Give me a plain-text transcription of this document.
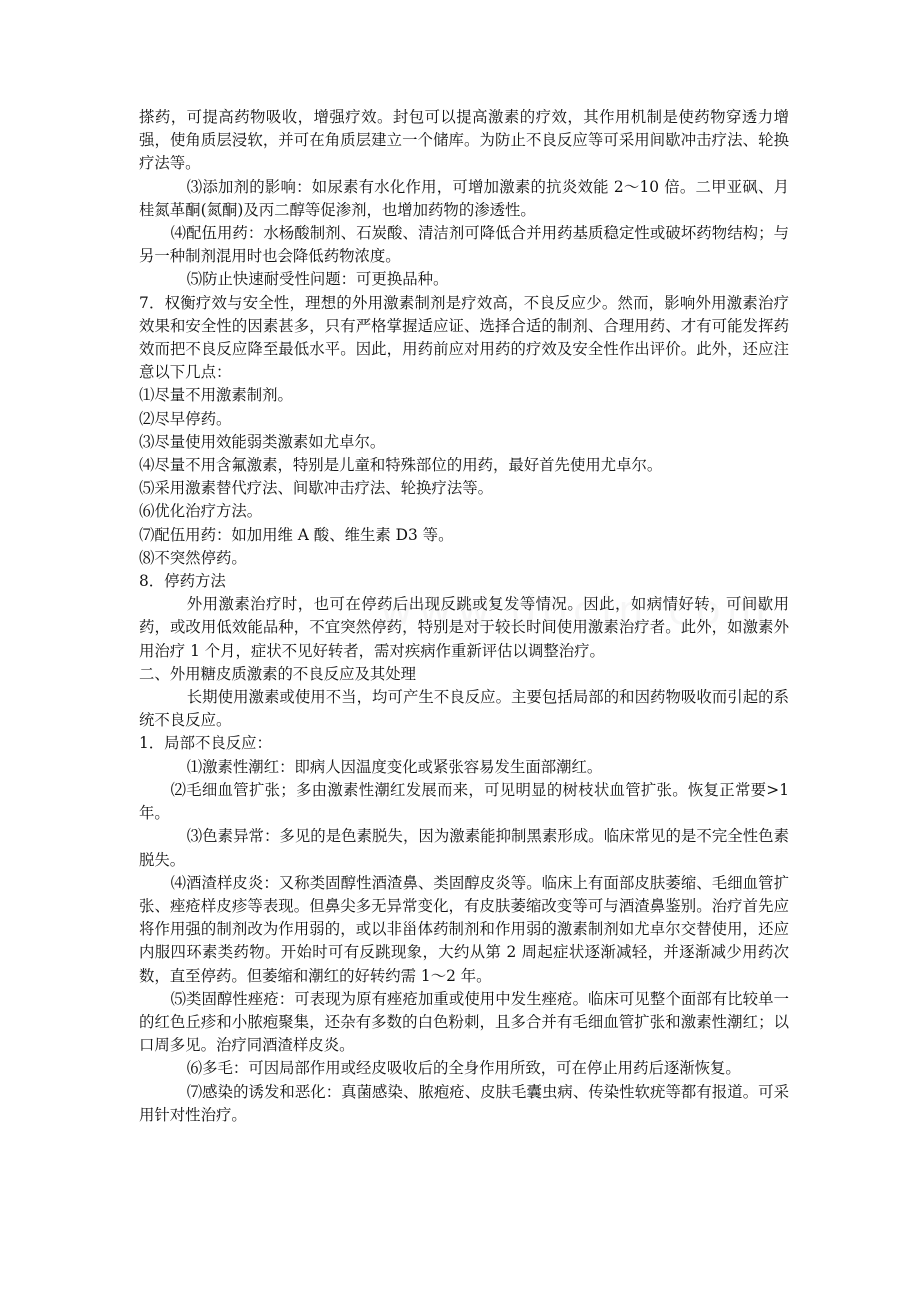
搽药，可提高药物吸收，增强疗效。封包可以提高激素的疗效，其作用机制是使药物穿透力增强，使角质层浸软，并可在角质层建立一个储库。为防止不良反应等可采用间歇冲击疗法、轮换疗法等。

⑶添加剂的影响：如尿素有水化作用，可增加激素的抗炎效能 2～10 倍。二甲亚砜、月桂氮革酮(氮酮)及丙二醇等促渗剂，也增加药物的渗透性。

⑷配伍用药：水杨酸制剂、石炭酸、清洁剂可降低合并用药基质稳定性或破坏药物结构；与另一种制剂混用时也会降低药物浓度。

⑸防止快速耐受性问题：可更换品种。

7．权衡疗效与安全性，理想的外用激素制剂是疗效高，不良反应少。然而，影响外用激素治疗效果和安全性的因素甚多，只有严格掌握适应证、选择合适的制剂、合理用药、才有可能发挥药效而把不良反应降至最低水平。因此，用药前应对用药的疗效及安全性作出评价。此外，还应注意以下几点：

⑴尽量不用激素制剂。

⑵尽早停药。

⑶尽量使用效能弱类激素如尤卓尔。

⑷尽量不用含氟激素，特别是儿童和特殊部位的用药，最好首先使用尤卓尔。

⑸采用激素替代疗法、间歇冲击疗法、轮换疗法等。

⑹优化治疗方法。

⑺配伍用药：如加用维 A 酸、维生素 D3 等。

⑻不突然停药。

8．停药方法

外用激素治疗时，也可在停药后出现反跳或复发等情况。因此，如病情好转，可间歇用药，或改用低效能品种，不宜突然停药，特别是对于较长时间使用激素治疗者。此外，如激素外用治疗 1 个月，症状不见好转者，需对疾病作重新评估以调整治疗。

二、外用糖皮质激素的不良反应及其处理

长期使用激素或使用不当，均可产生不良反应。主要包括局部的和因药物吸收而引起的系统不良反应。

1．局部不良反应：

⑴激素性潮红：即病人因温度变化或紧张容易发生面部潮红。

⑵毛细血管扩张；多由激素性潮红发展而来，可见明显的树枝状血管扩张。恢复正常要>1 年。

⑶色素异常：多见的是色素脱失，因为激素能抑制黑素形成。临床常见的是不完全性色素脱失。

⑷酒渣样皮炎：又称类固醇性酒渣鼻、类固醇皮炎等。临床上有面部皮肤萎缩、毛细血管扩张、痤疮样皮疹等表现。但鼻尖多无异常变化，有皮肤萎缩改变等可与酒渣鼻鉴别。治疗首先应将作用强的制剂改为作用弱的，或以非甾体药制剂和作用弱的激素制剂如尤卓尔交替使用，还应内服四环素类药物。开始时可有反跳现象，大约从第 2 周起症状逐渐减轻，并逐渐减少用药次数，直至停药。但萎缩和潮红的好转约需 1～2 年。

⑸类固醇性痤疮：可表现为原有痤疮加重或使用中发生痤疮。临床可见整个面部有比较单一的红色丘疹和小脓疱聚集，还杂有多数的白色粉刺，且多合并有毛细血管扩张和激素性潮红；以口周多见。治疗同酒渣样皮炎。

⑹多毛：可因局部作用或经皮吸收后的全身作用所致，可在停止用药后逐渐恢复。

⑺感染的诱发和恶化：真菌感染、脓疱疮、皮肤毛囊虫病、传染性软疣等都有报道。可采用针对性治疗。
